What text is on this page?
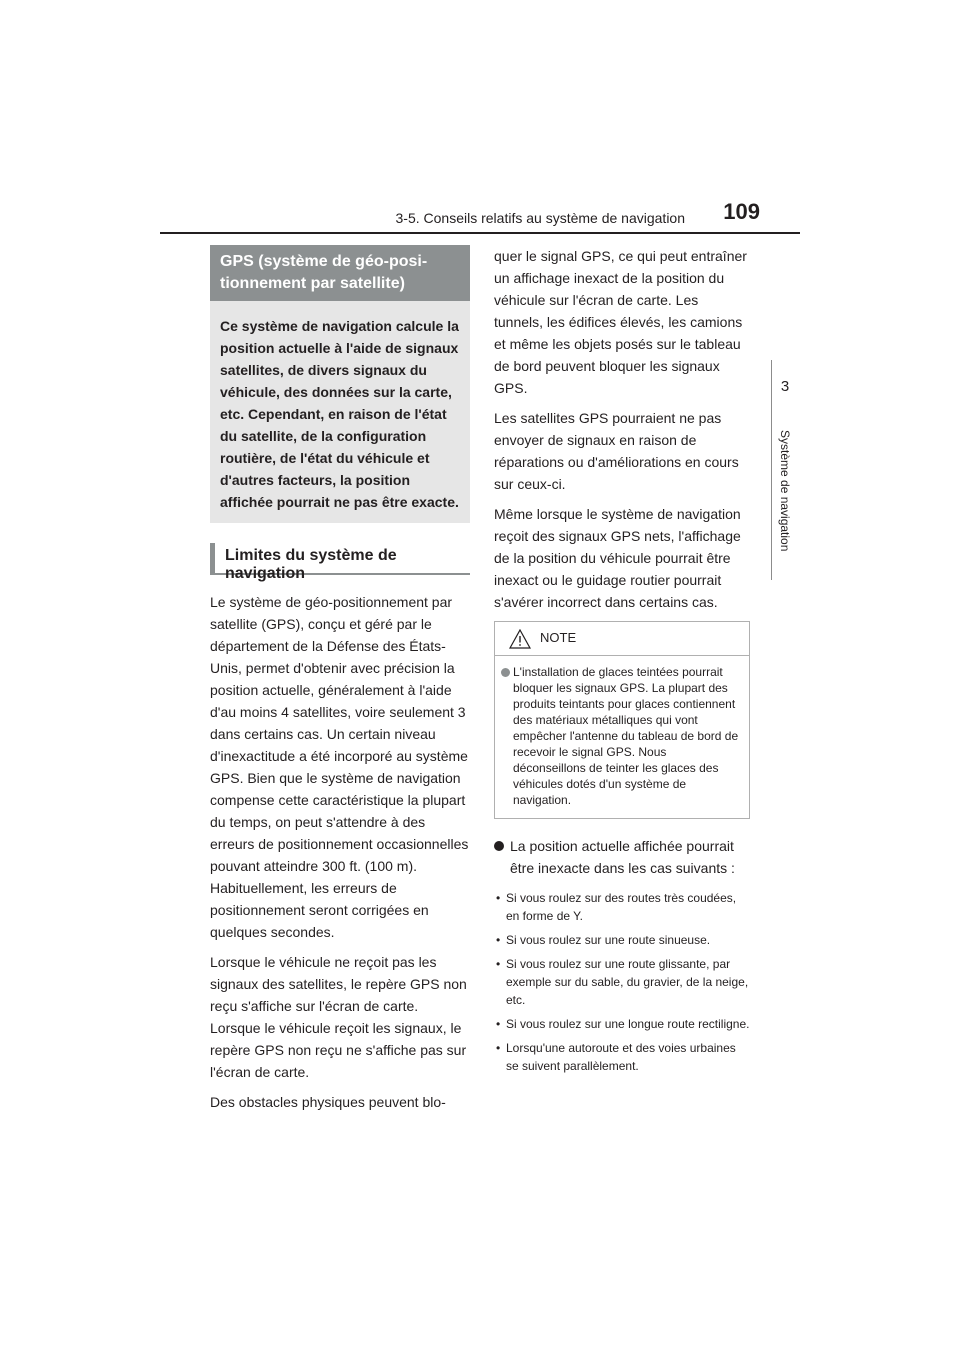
3-5. Conseils relatifs au système de navigation 109
3
Système de navigation
GPS (système de géo-posi-
tionnement par satellite)
Ce système de navigation calcule la position actuelle à l'aide de signaux satellites, de divers signaux du véhicule, des données sur la carte, etc. Cependant, en raison de l'état du satellite, de la configuration routière, de l'état du véhicule et d'autres facteurs, la position affichée pourrait ne pas être exacte.
Limites du système de navigation

Le système de géo-positionnement par satellite (GPS), conçu et géré par le département de la Défense des États-Unis, permet d'obtenir avec précision la position actuelle, généralement à l'aide d'au moins 4 satellites, voire seulement 3 dans certains cas. Un certain niveau d'inexactitude a été incorporé au système GPS. Bien que le système de navigation compense cette caractéristique la plupart du temps, on peut s'attendre à des erreurs de positionnement occasionnelles pouvant atteindre 300 ft. (100 m). Habituellement, les erreurs de positionnement seront corrigées en quelques secondes.

Lorsque le véhicule ne reçoit pas les signaux des satellites, le repère GPS non reçu s'affiche sur l'écran de carte. Lorsque le véhicule reçoit les signaux, le repère GPS non reçu ne s'affiche pas sur l'écran de carte.

Des obstacles physiques peuvent blo-

quer le signal GPS, ce qui peut entraîner un affichage inexact de la position du véhicule sur l'écran de carte. Les tunnels, les édifices élevés, les camions et même les objets posés sur le tableau de bord peuvent bloquer les signaux GPS.

Les satellites GPS pourraient ne pas envoyer de signaux en raison de réparations ou d'améliorations en cours sur ceux-ci.

Même lorsque le système de navigation reçoit des signaux GPS nets, l'affichage de la position du véhicule pourrait être inexact ou le guidage routier pourrait s'avérer incorrect dans certains cas.

NOTE
L'installation de glaces teintées pourrait bloquer les signaux GPS. La plupart des produits teintants pour glaces contiennent des matériaux métalliques qui vont empêcher l'antenne du tableau de bord de recevoir le signal GPS. Nous déconseillons de teinter les glaces des véhicules dotés d'un système de navigation.
La position actuelle affichée pourrait être inexacte dans les cas suivants :
• Si vous roulez sur des routes très coudées, en forme de Y.
• Si vous roulez sur une route sinueuse.
• Si vous roulez sur une route glissante, par exemple sur du sable, du gravier, de la neige, etc.
• Si vous roulez sur une longue route rectiligne.
• Lorsqu'une autoroute et des voies urbaines se suivent parallèlement.
